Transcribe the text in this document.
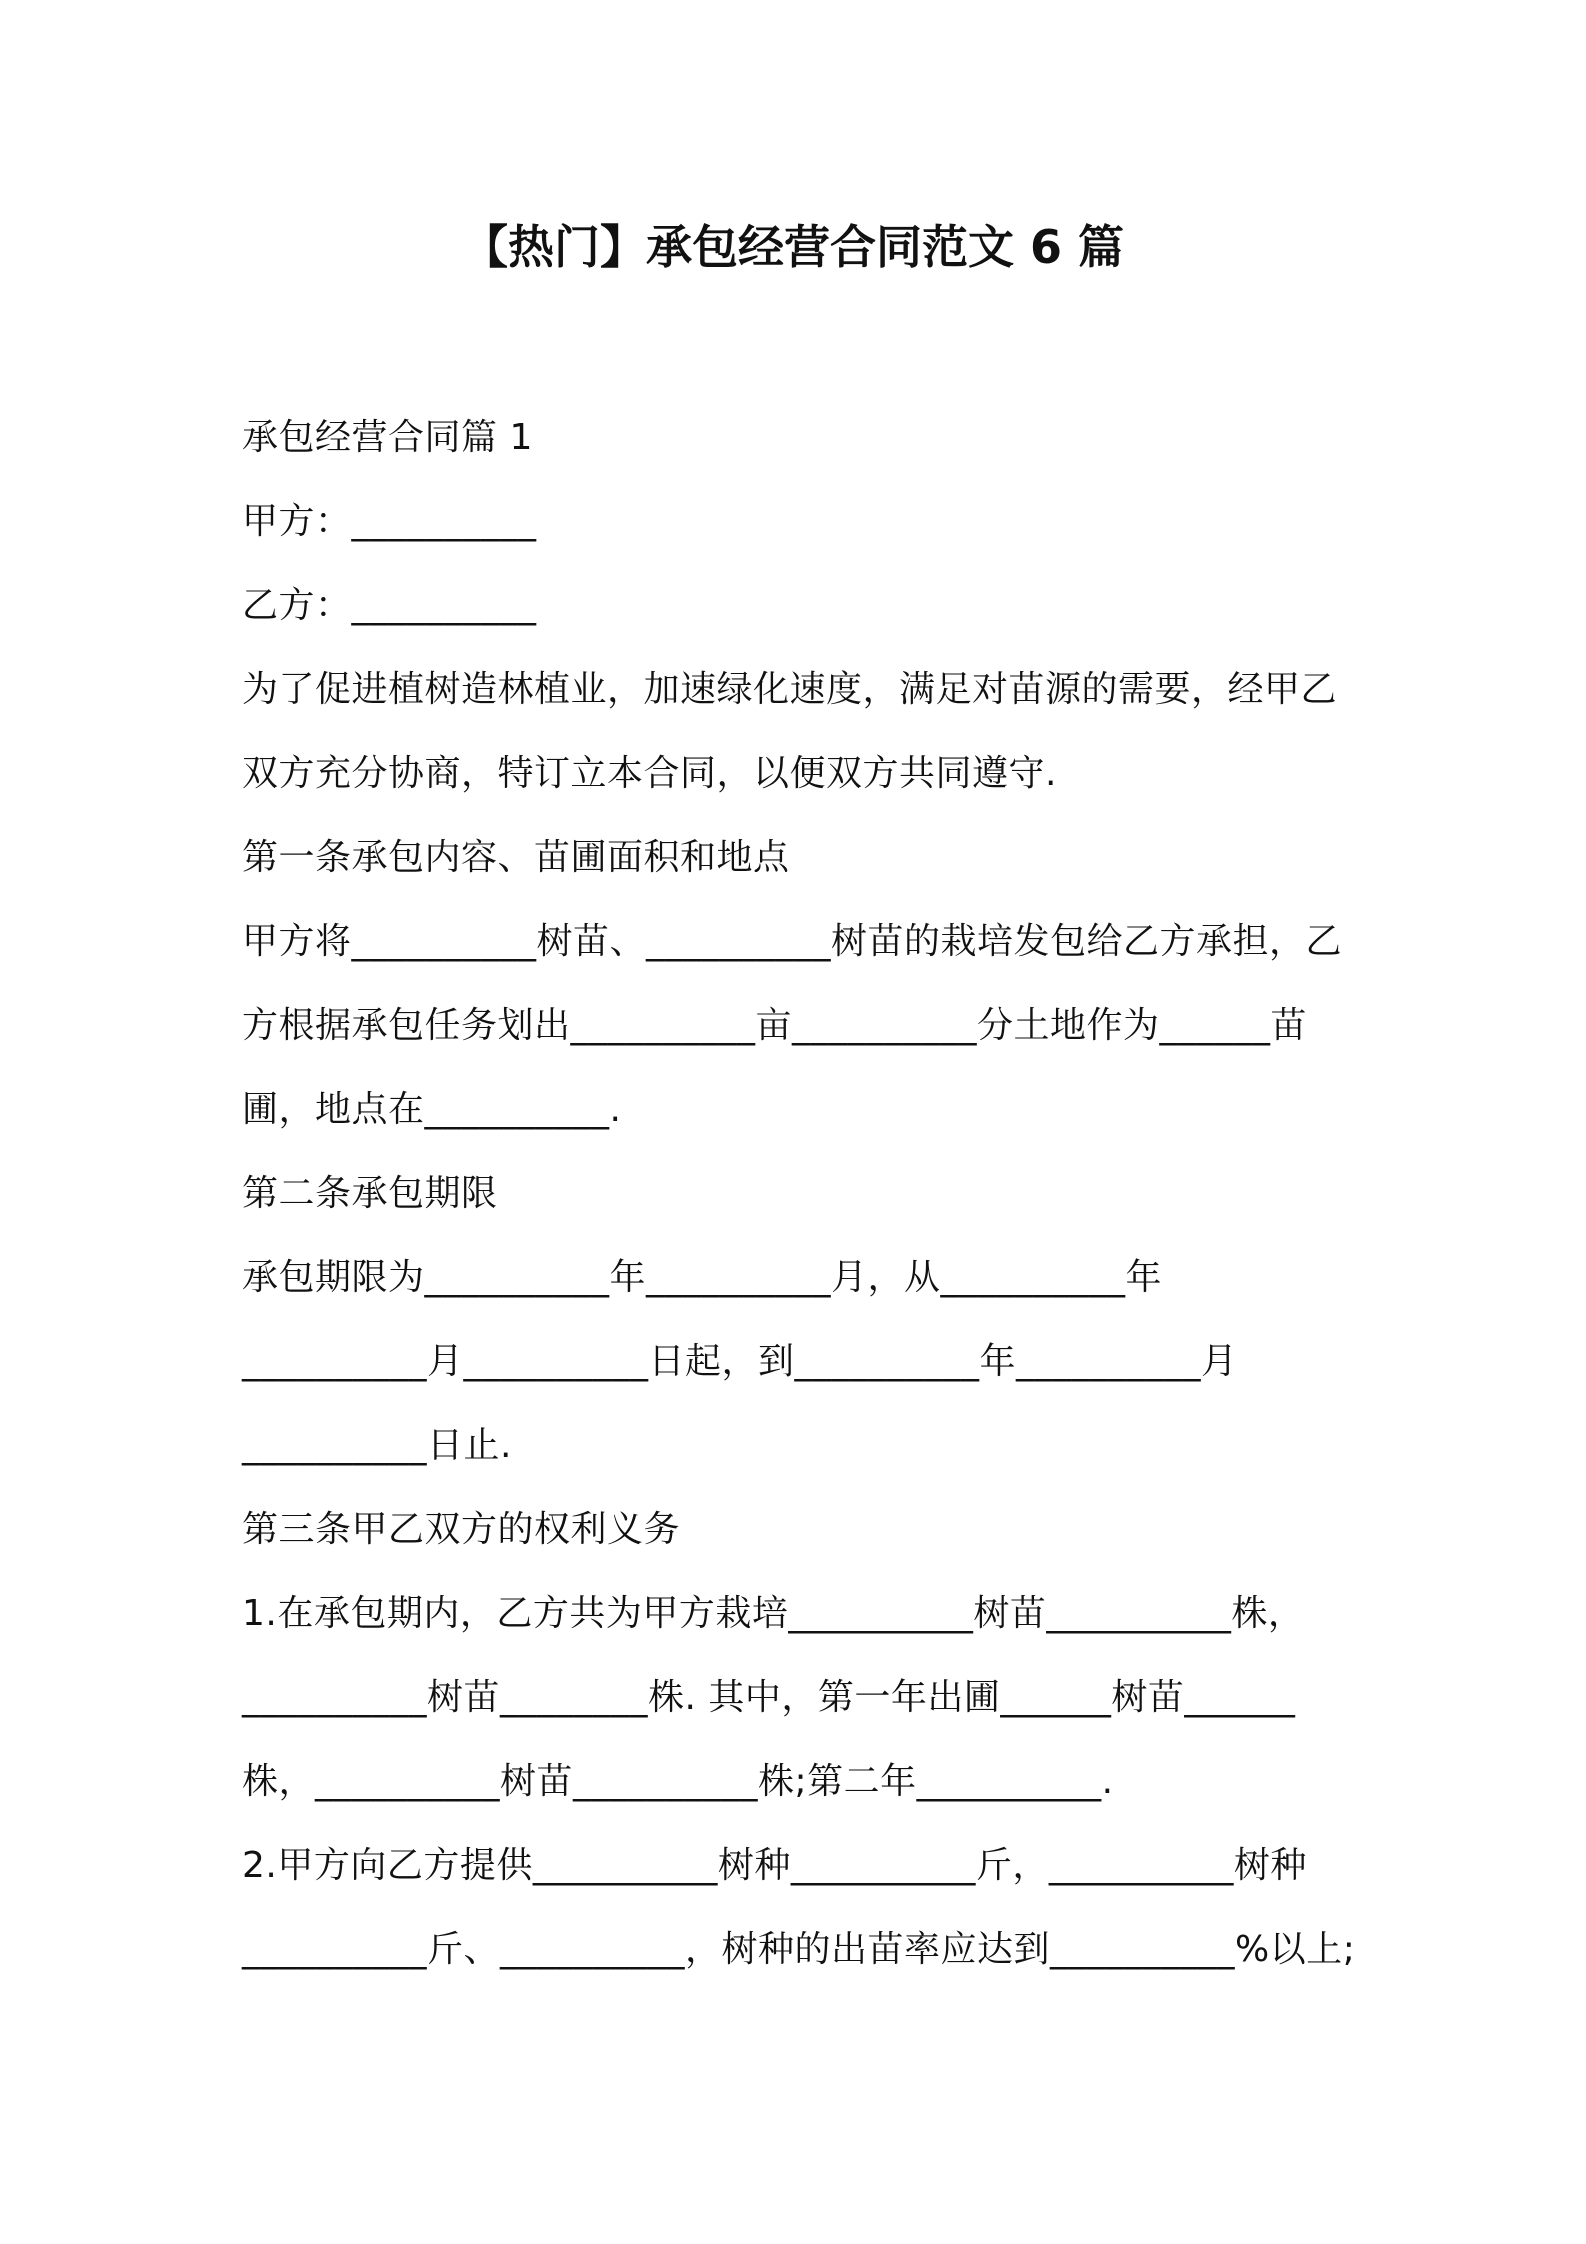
【热门】承包经营合同范文 6 篇
承包经营合同篇 1
甲方：__________
乙方：__________
为了促进植树造林植业，加速绿化速度，满足对苗源的需要，经甲乙
双方充分协商，特订立本合同，以便双方共同遵守.
第一条承包内容、苗圃面积和地点
甲方将__________树苗、__________树苗的栽培发包给乙方承担，乙
方根据承包任务划出__________亩__________分土地作为______苗
圃，地点在__________.
第二条承包期限
承包期限为__________年__________月，从__________年
__________月__________日起，到__________年__________月
__________日止.
第三条甲乙双方的权利义务
1.在承包期内，乙方共为甲方栽培__________树苗__________株，
__________树苗________株. 其中，第一年出圃______树苗______
株，__________树苗__________株;第二年__________.
2.甲方向乙方提供__________树种__________斤，__________树种
__________斤、__________，树种的出苗率应达到__________%以上;
